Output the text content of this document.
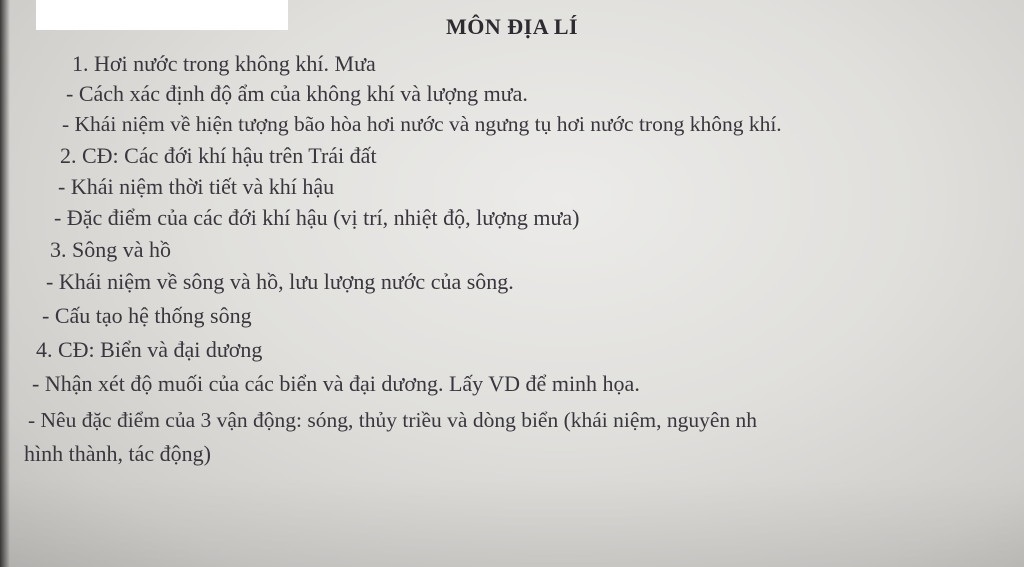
MÔN ĐỊA LÍ
1. Hơi nước trong không khí. Mưa
- Cách xác định độ ẩm của không khí và lượng mưa.
- Khái niệm về hiện tượng bão hòa hơi nước và ngưng tụ hơi nước trong không khí.
2. CĐ: Các đới khí hậu trên Trái đất
- Khái niệm thời tiết và khí hậu
- Đặc điểm của các đới khí hậu (vị trí, nhiệt độ, lượng mưa)
3. Sông và hồ
- Khái niệm về sông và hồ, lưu lượng nước của sông.
- Cấu tạo hệ thống sông
4. CĐ: Biển và đại dương
- Nhận xét độ muối của các biển và đại dương. Lấy VD để minh họa.
- Nêu đặc điểm của 3 vận động: sóng, thủy triều và dòng biển (khái niệm, nguyên nh
hình thành, tác động)
